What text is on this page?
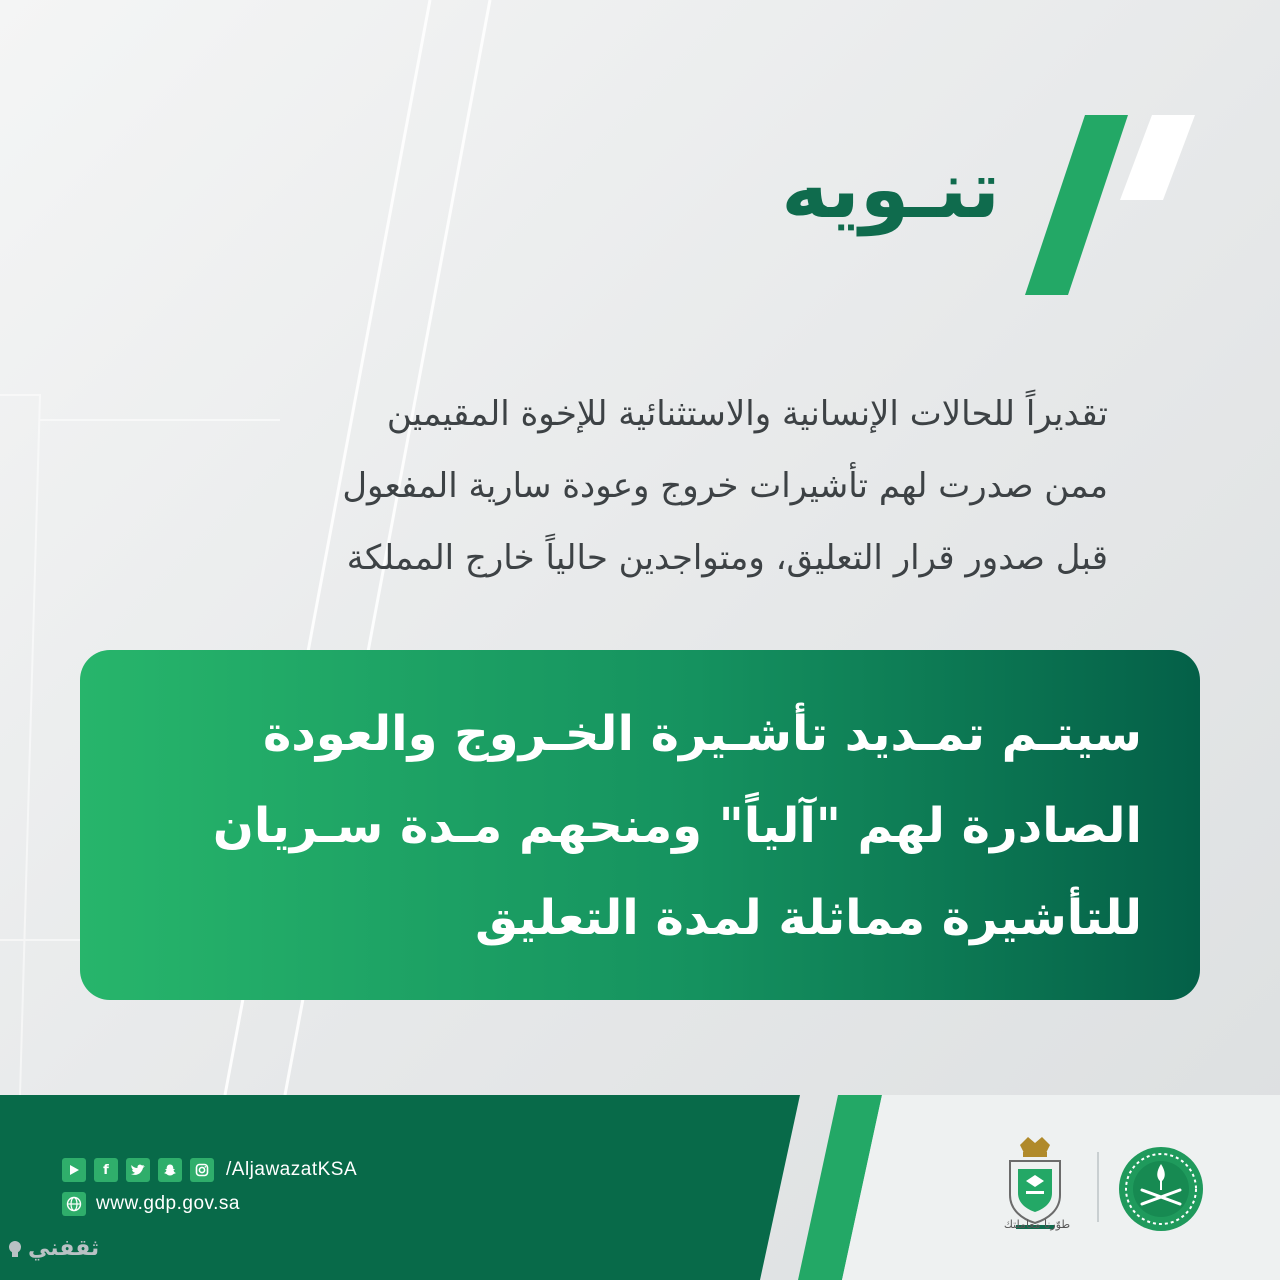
تنـويه
تقديراً للحالات الإنسانية والاستثنائية للإخوة المقيمين
ممن صدرت لهم تأشيرات خروج وعودة سارية المفعول
قبل صدور قرار التعليق، ومتواجدين حالياً خارج المملكة
سيتـم تمـديد تأشـيرة الخـروج والعودة
الصادرة لهم "آلياً" ومنحهم مـدة سـريان
للتأشيرة مماثلة لمدة التعليق
f	/AljawazatKSA
www.gdp.gov.sa
طوّرنا معاملتك
ثقفني
